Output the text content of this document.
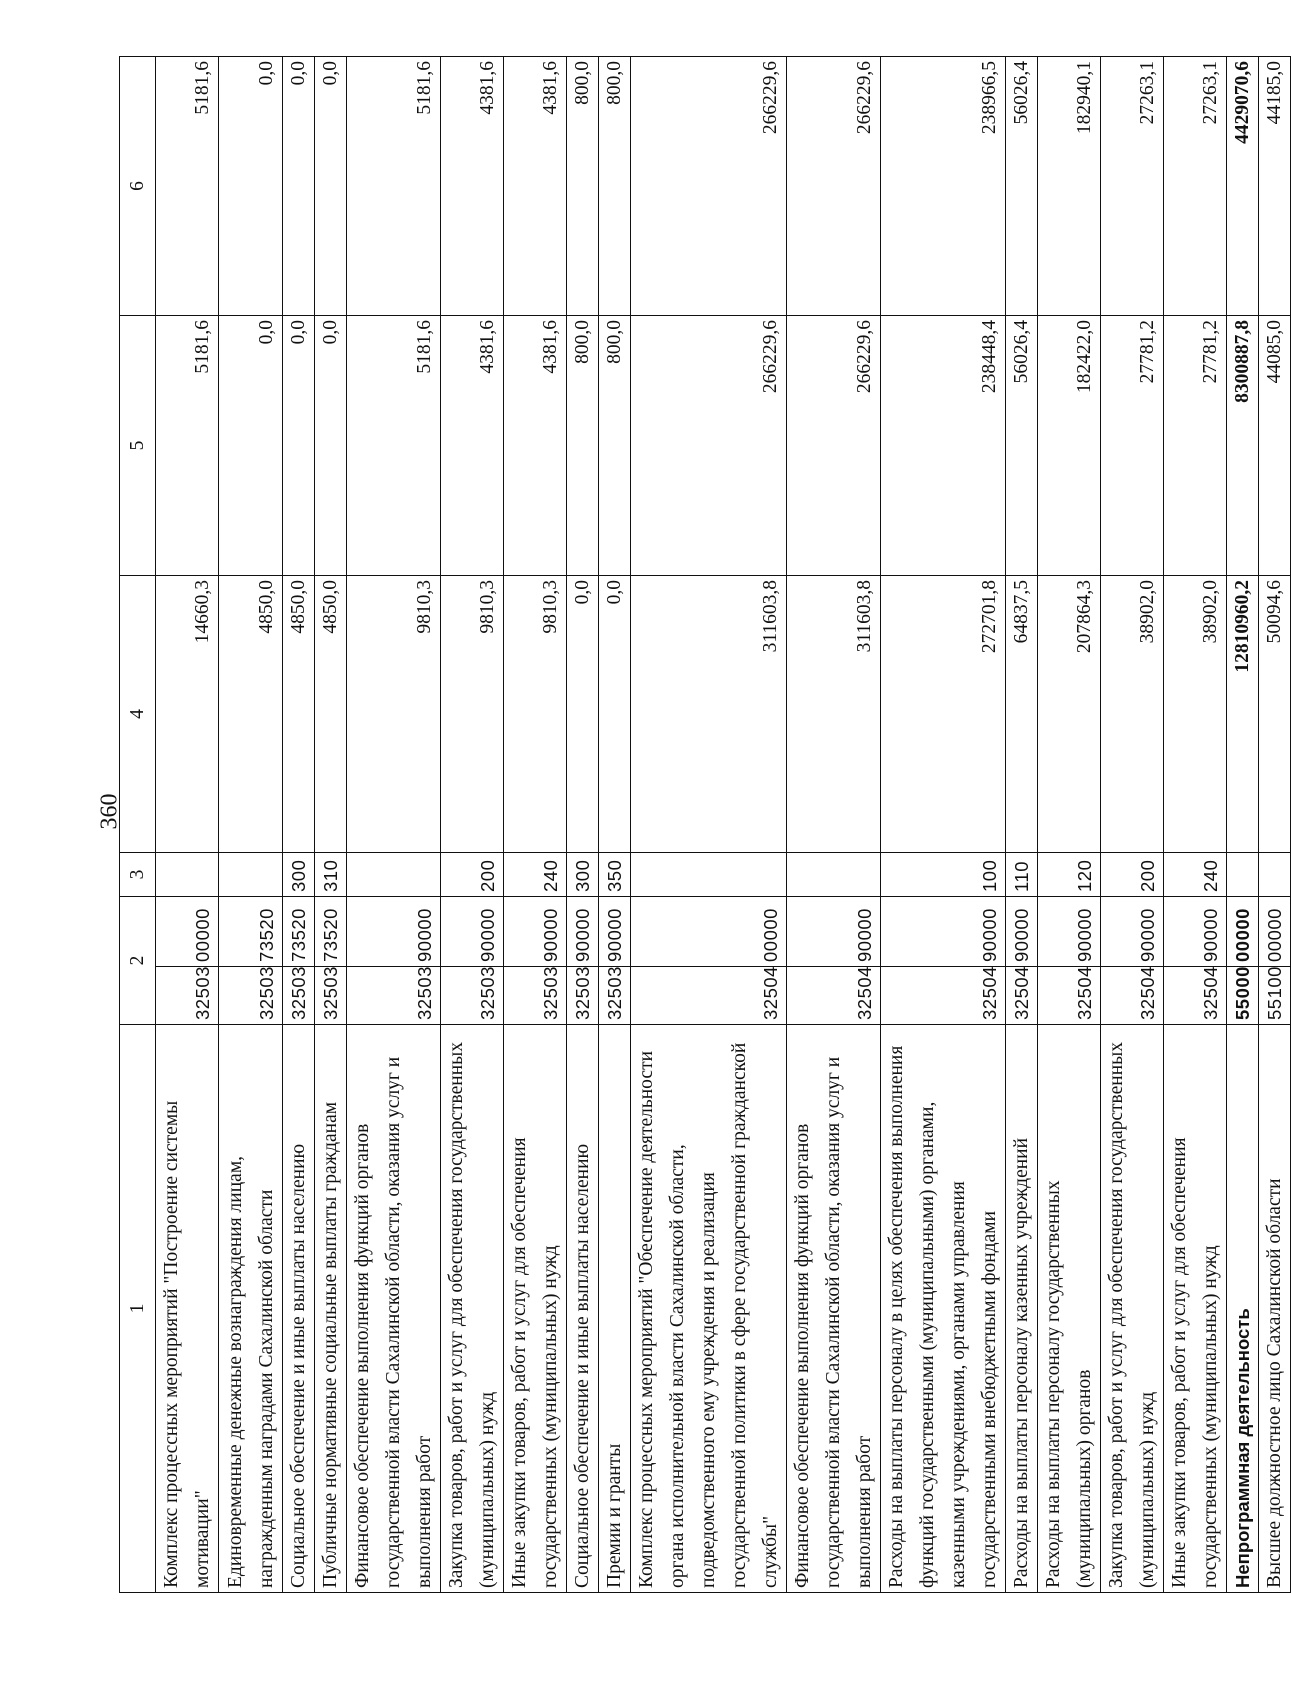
360
1	2		3	4	5	6
Комплекс процессных мероприятий "Построение системы мотивации"	32503	00000		14660,3	5181,6	5181,6
Единовременные денежные вознаграждения лицам, награжденным наградами Сахалинской области	32503	73520		4850,0	0,0	0,0
Социальное обеспечение и иные выплаты населению	32503	73520	300	4850,0	0,0	0,0
Публичные нормативные социальные выплаты гражданам	32503	73520	310	4850,0	0,0	0,0
Финансовое обеспечение выполнения функций органов государственной власти Сахалинской области, оказания услуг и выполнения работ	32503	90000		9810,3	5181,6	5181,6
Закупка товаров, работ и услуг для обеспечения государственных (муниципальных) нужд	32503	90000	200	9810,3	4381,6	4381,6
Иные закупки товаров, работ и услуг для обеспечения государственных (муниципальных) нужд	32503	90000	240	9810,3	4381,6	4381,6
Социальное обеспечение и иные выплаты населению	32503	90000	300	0,0	800,0	800,0
Премии и гранты	32503	90000	350	0,0	800,0	800,0
Комплекс процессных мероприятий "Обеспечение деятельности органа исполнительной власти Сахалинской области, подведомственного ему учреждения и реализация государственной политики в сфере государственной гражданской службы"	32504	00000		311603,8	266229,6	266229,6
Финансовое обеспечение выполнения функций органов государственной власти Сахалинской области, оказания услуг и выполнения работ	32504	90000		311603,8	266229,6	266229,6
Расходы на выплаты персоналу в целях обеспечения выполнения функций государственными (муниципальными) органами, казенными учреждениями, органами управления государственными внебюджетными фондами	32504	90000	100	272701,8	238448,4	238966,5
Расходы на выплаты персоналу казенных учреждений	32504	90000	110	64837,5	56026,4	56026,4
Расходы на выплаты персоналу государственных (муниципальных) органов	32504	90000	120	207864,3	182422,0	182940,1
Закупка товаров, работ и услуг для обеспечения государственных (муниципальных) нужд	32504	90000	200	38902,0	27781,2	27263,1
Иные закупки товаров, работ и услуг для обеспечения государственных (муниципальных) нужд	32504	90000	240	38902,0	27781,2	27263,1
Непрограммная деятельность	55000	00000		12810960,2	8300887,8	4429070,6
Высшее должностное лицо Сахалинской области	55100	00000		50094,6	44085,0	44185,0
